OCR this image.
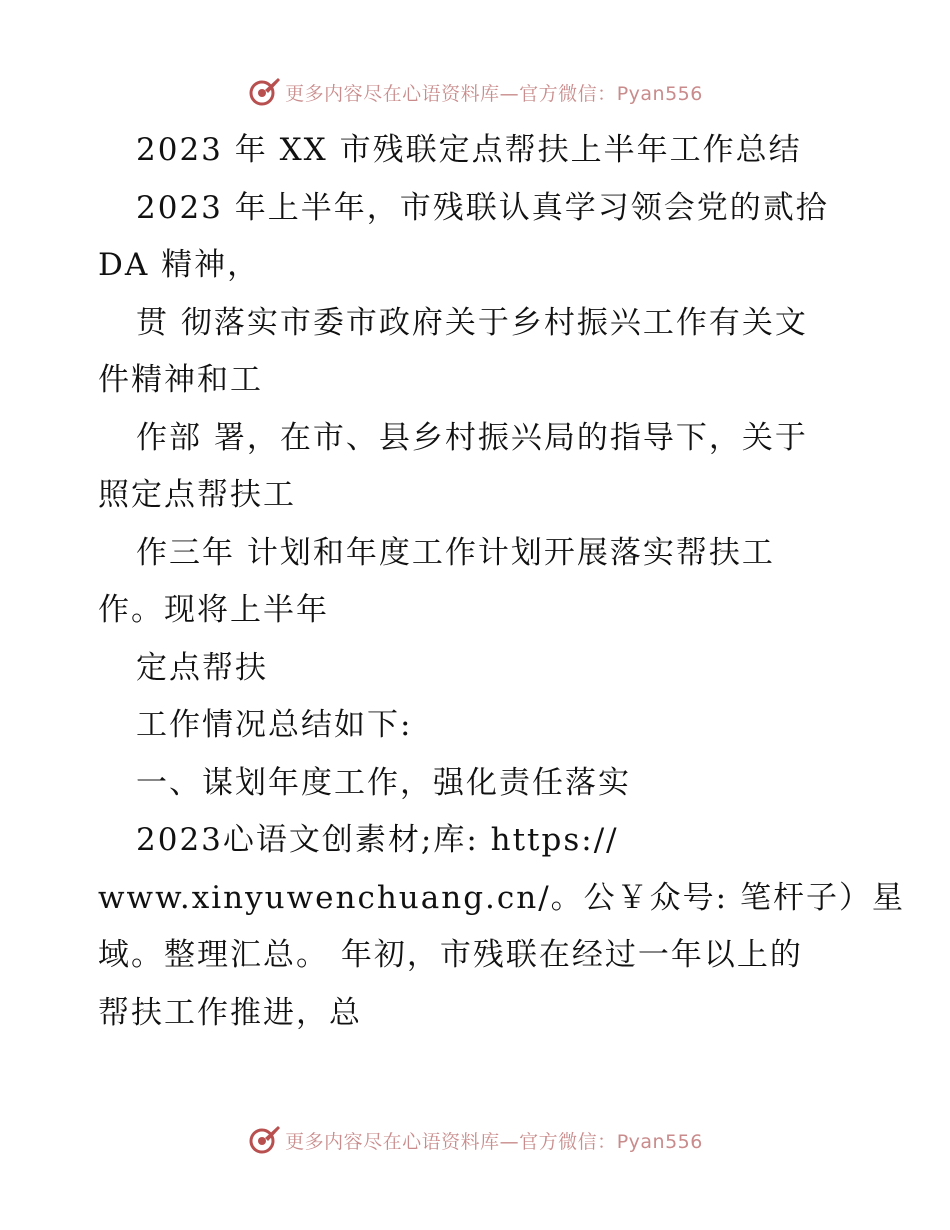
更多内容尽在心语资料库—官方微信：Pyan556
2023 年 XX 市残联定点帮扶上半年工作总结
2023 年上半年，市残联认真学习领会党的贰拾
DA 精神，
贯 彻落实市委市政府关于乡村振兴工作有关文
件精神和工
作部 署，在市、县乡村振兴局的指导下，关于
照定点帮扶工
作三年 计划和年度工作计划开展落实帮扶工
作。现将上半年
定点帮扶
工作情况总结如下:
一、谋划年度工作，强化责任落实
2023心语文创素材;库: https://
www.xinyuwenchuang.cn/。公￥众号: 笔杆子）星
域。整理汇总。 年初，市残联在经过一年以上的
帮扶工作推进，总
更多内容尽在心语资料库—官方微信：Pyan556
